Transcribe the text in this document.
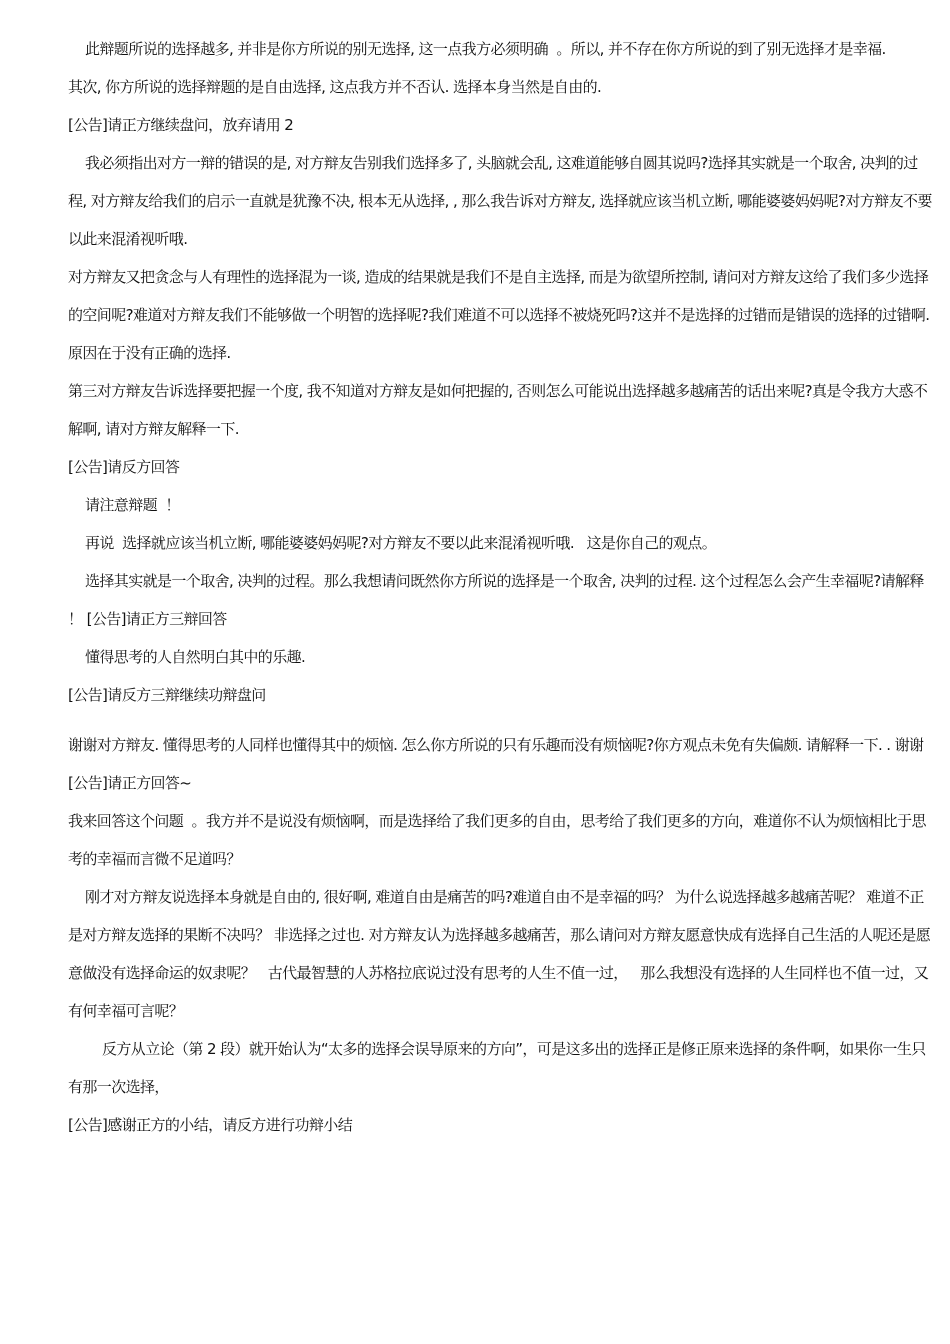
此辩题所说的选择越多, 并非是你方所说的别无选择, 这一点我方必须明确  。所以, 并不存在你方所说的到了别无选择才是幸福.

其次, 你方所说的选择辩题的是自由选择, 这点我方并不否认. 选择本身当然是自由的.

[公告]请正方继续盘问，放弃请用 2

我必须指出对方一辩的错误的是, 对方辩友告别我们选择多了, 头脑就会乱, 这难道能够自圆其说吗?选择其实就是一个取舍, 决判的过程, 对方辩友给我们的启示一直就是犹豫不决, 根本无从选择, , 那么我告诉对方辩友, 选择就应该当机立断, 哪能婆婆妈妈呢?对方辩友不要以此来混淆视听哦.

对方辩友又把贪念与人有理性的选择混为一谈, 造成的结果就是我们不是自主选择, 而是为欲望所控制, 请问对方辩友这给了我们多少选择的空间呢?难道对方辩友我们不能够做一个明智的选择呢?我们难道不可以选择不被烧死吗?这并不是选择的过错而是错误的选择的过错啊. 原因在于没有正确的选择.

第三对方辩友告诉选择要把握一个度, 我不知道对方辩友是如何把握的, 否则怎么可能说出选择越多越痛苦的话出来呢?真是令我方大惑不解啊, 请对方辩友解释一下.

[公告]请反方回答

请注意辩题  ！

再说  选择就应该当机立断, 哪能婆婆妈妈呢?对方辩友不要以此来混淆视听哦.   这是你自己的观点。

选择其实就是一个取舍, 决判的过程。那么我想请问既然你方所说的选择是一个取舍, 决判的过程. 这个过程怎么会产生幸福呢?请解释  ！ [公告]请正方三辩回答

懂得思考的人自然明白其中的乐趣.

[公告]请反方三辩继续功辩盘问

谢谢对方辩友. 懂得思考的人同样也懂得其中的烦恼. 怎么你方所说的只有乐趣而没有烦恼呢?你方观点未免有失偏颇. 请解释一下. . 谢谢

[公告]请正方回答~

我来回答这个问题  。我方并不是说没有烦恼啊，而是选择给了我们更多的自由，思考给了我们更多的方向，难道你不认为烦恼相比于思考的幸福而言微不足道吗？

刚才对方辩友说选择本身就是自由的, 很好啊, 难道自由是痛苦的吗?难道自由不是幸福的吗？ 为什么说选择越多越痛苦呢？ 难道不正是对方辩友选择的果断不决吗？ 非选择之过也. 对方辩友认为选择越多越痛苦，那么请问对方辩友愿意快成有选择自己生活的人呢还是愿意做没有选择命运的奴隶呢？   古代最智慧的人苏格拉底说过没有思考的人生不值一过，   那么我想没有选择的人生同样也不值一过，又有何幸福可言呢？

反方从立论（第 2 段）就开始认为“太多的选择会误导原来的方向”，可是这多出的选择正是修正原来选择的条件啊，如果你一生只有那一次选择，

[公告]感谢正方的小结，请反方进行功辩小结
